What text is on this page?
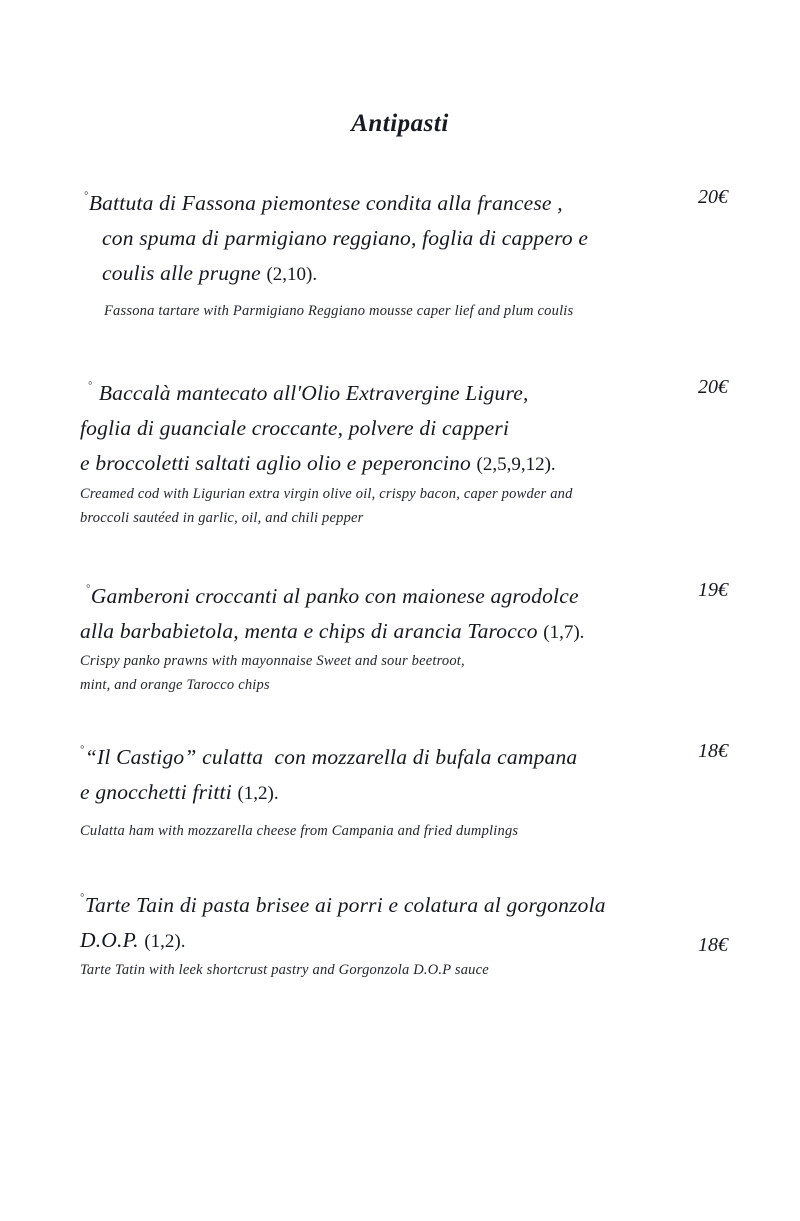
Antipasti
20€
◦Battuta di Fassona piemontese condita alla francese ,
con spuma di parmigiano reggiano, foglia di cappero e
coulis alle prugne (2,10).
Fassona tartare with Parmigiano Reggiano mousse caper lief and plum coulis
20€
◦ Baccalà mantecato all'Olio Extravergine Ligure,
foglia di guanciale croccante, polvere di capperi
e broccoletti saltati aglio olio e peperoncino (2,5,9,12).
Creamed cod with Ligurian extra virgin olive oil, crispy bacon, caper powder and
broccoli sautéed in garlic, oil, and chili pepper
19€
◦Gamberoni croccanti al panko con maionese agrodolce
alla barbabietola, menta e chips di arancia Tarocco (1,7).
Crispy panko prawns with mayonnaise Sweet and sour beetroot,
mint, and orange Tarocco chips
18€
◦“Il Castigo” culatta  con mozzarella di bufala campana
e gnocchetti fritti (1,2).
Culatta ham with mozzarella cheese from Campania and fried dumplings
18€
◦Tarte Tain di pasta brisee ai porri e colatura al gorgonzola
D.O.P. (1,2).
Tarte Tatin with leek shortcrust pastry and Gorgonzola D.O.P sauce
